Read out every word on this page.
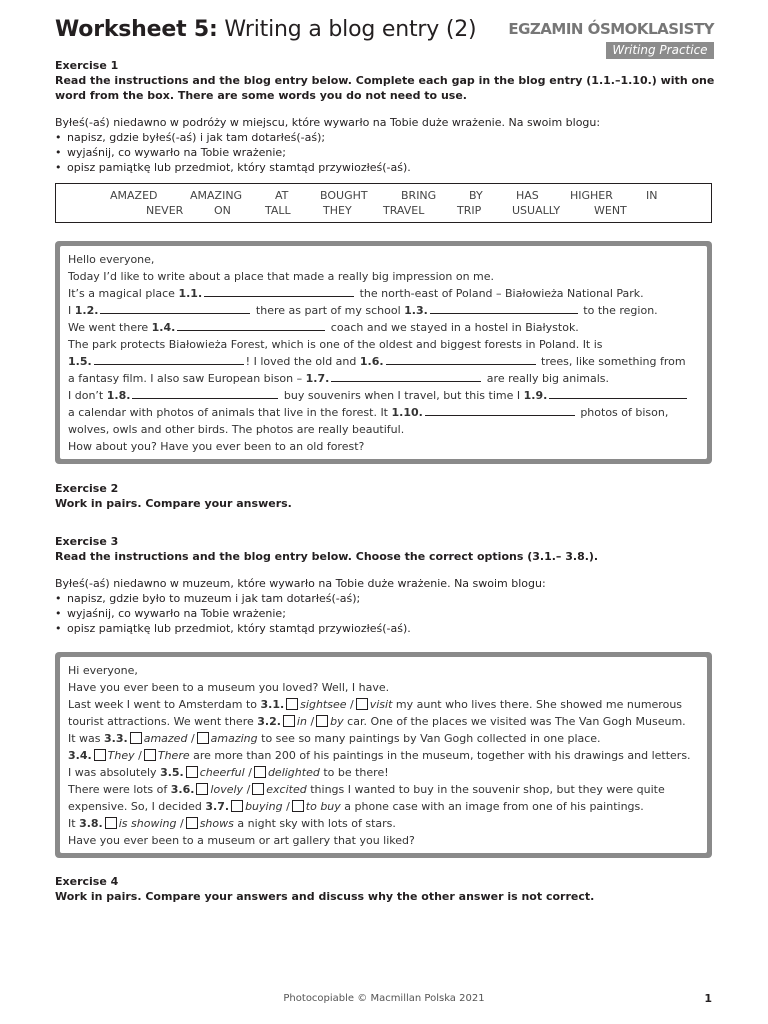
Worksheet 5: Writing a blog entry (2) EGZAMIN ÓSMOKLASISTY
Writing Practice
Exercise 1
Read the instructions and the blog entry below. Complete each gap in the blog entry (1.1.–1.10.) with one word from the box. There are some words you do not need to use.
Byłeś(-aś) niedawno w podróży w miejscu, które wywarło na Tobie duże wrażenie. Na swoim blogu:
• napisz, gdzie byłeś(-aś) i jak tam dotarłeś(-aś);
• wyjaśnij, co wywarło na Tobie wrażenie;
• opisz pamiątkę lub przedmiot, który stamtąd przywiozłeś(-aś).
AMAZED	AMAZING	AT	BOUGHT	BRING	BY	HAS	HIGHER	IN
NEVER	ON	TALL	THEY	TRAVEL	TRIP	USUALLY	WENT
Hello everyone,
Today I’d like to write about a place that made a really big impression on me.
It’s a magical place 1.1.	the north-east of Poland – Białowieża National Park.
I 1.2.	there as part of my school 1.3.	to the region.
We went there 1.4.	coach and we stayed in a hostel in Białystok.
The park protects Białowieża Forest, which is one of the oldest and biggest forests in Poland. It is
1.5.	! I loved the old and 1.6.	trees, like something from
a fantasy film. I also saw European bison – 1.7.	are really big animals.
I don’t 1.8.	buy souvenirs when I travel, but this time I 1.9.
a calendar with photos of animals that live in the forest. It 1.10.	photos of bison,
wolves, owls and other birds. The photos are really beautiful.
How about you? Have you ever been to an old forest?
Exercise 2
Work in pairs. Compare your answers.
Exercise 3
Read the instructions and the blog entry below. Choose the correct options (3.1.– 3.8.).
Byłeś(-aś) niedawno w muzeum, które wywarło na Tobie duże wrażenie. Na swoim blogu:
• napisz, gdzie było to muzeum i jak tam dotarłeś(-aś);
• wyjaśnij, co wywarło na Tobie wrażenie;
• opisz pamiątkę lub przedmiot, który stamtąd przywiozłeś(-aś).
Hi everyone,
Have you ever been to a museum you loved? Well, I have.
Last week I went to Amsterdam to 3.1. sightsee / visit my aunt who lives there. She showed me numerous
tourist attractions. We went there 3.2. in / by car. One of the places we visited was The Van Gogh Museum.
It was 3.3. amazed / amazing to see so many paintings by Van Gogh collected in one place.
3.4. They / There are more than 200 of his paintings in the museum, together with his drawings and letters.
I was absolutely 3.5. cheerful / delighted to be there!
There were lots of 3.6. lovely / excited things I wanted to buy in the souvenir shop, but they were quite
expensive. So, I decided 3.7. buying / to buy a phone case with an image from one of his paintings.
It 3.8. is showing / shows a night sky with lots of stars.
Have you ever been to a museum or art gallery that you liked?
Exercise 4
Work in pairs. Compare your answers and discuss why the other answer is not correct.
Photocopiable © Macmillan Polska 2021	1
